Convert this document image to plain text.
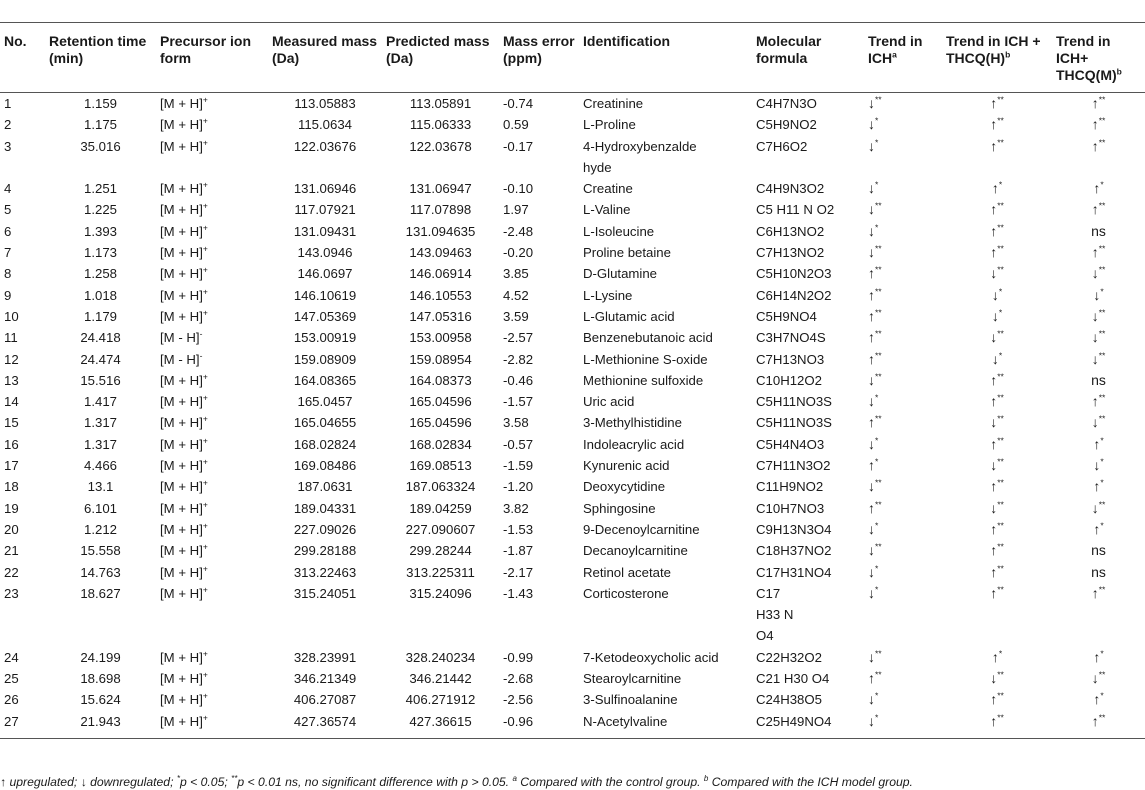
No.	Retention time (min)	Precursor ion form	Measured mass (Da)	Predicted mass (Da)	Mass error (ppm)	Identification	Molecular formula	Trend in ICH$^a$	Trend in ICH + $THCQ(H)^b$	Trend in $ICH+ THCQ(M)^b$
1	1.159	[M + H]+	113.05883	113.05891	-0.74	Creatinine	C4H7N3O	↓**	↑**	↑**
2	1.175	[M + H]+	115.0634	115.06333	0.59	L-Proline	C5H9NO2	↓*	↑**	↑**
3	35.016	[M + H]+	122.03676	122.03678	-0.17	4-Hydroxybenzaldehyde	C7H6O2	↓*	↑**	↑**
4	1.251	[M + H]+	131.06946	131.06947	-0.10	Creatine	C4H9N3O2	↓*	↑*	↑*
5	1.225	[M + H]+	117.07921	117.07898	1.97	L-Valine	C5 H11 N O2	↓**	↑**	↑**
6	1.393	[M + H]+	131.09431	131.094635	-2.48	L-Isoleucine	C6H13NO2	↓*	↑**	ns
7	1.173	[M + H]+	143.0946	143.09463	-0.20	Proline betaine	C7H13NO2	↓**	↑**	↑**
8	1.258	[M + H]+	146.0697	146.06914	3.85	D-Glutamine	C5H10N2O3	↑**	↓**	↓**
9	1.018	[M + H]+	146.10619	146.10553	4.52	L-Lysine	C6H14N2O2	↑**	↓*	↓*
10	1.179	[M + H]+	147.05369	147.05316	3.59	L-Glutamic acid	C5H9NO4	↑**	↓*	↓**
11	24.418	[M - H]-	153.00919	153.00958	-2.57	Benzenebutanoic acid	C3H7NO4S	↑**	↓**	↓**
12	24.474	[M - H]-	159.08909	159.08954	-2.82	L-Methionine S-oxide	C7H13NO3	↑**	↓*	↓**
13	15.516	[M + H]+	164.08365	164.08373	-0.46	Methionine sulfoxide	C10H12O2	↓**	↑**	ns
14	1.417	[M + H]+	165.0457	165.04596	-1.57	Uric acid	C5H11NO3S	↓*	↑**	↑**
15	1.317	[M + H]+	165.04655	165.04596	3.58	3-Methylhistidine	C5H11NO3S	↑**	↓**	↓**
16	1.317	[M + H]+	168.02824	168.02834	-0.57	Indoleacrylic acid	C5H4N4O3	↓*	↑**	↑*
17	4.466	[M + H]+	169.08486	169.08513	-1.59	Kynurenic acid	C7H11N3O2	↑*	↓**	↓*
18	13.1	[M + H]+	187.0631	187.063324	-1.20	Deoxycytidine	C11H9NO2	↓**	↑**	↑*
19	6.101	[M + H]+	189.04331	189.04259	3.82	Sphingosine	C10H7NO3	↑**	↓**	↓**
20	1.212	[M + H]+	227.09026	227.090607	-1.53	9-Decenoylcarnitine	C9H13N3O4	↓*	↑**	↑*
21	15.558	[M + H]+	299.28188	299.28244	-1.87	Decanoylcarnitine	C18H37NO2	↓**	↑**	ns
22	14.763	[M + H]+	313.22463	313.225311	-2.17	Retinol acetate	C17H31NO4	↓*	↑**	ns
23	18.627	[M + H]+	315.24051	315.24096	-1.43	Corticosterone	C17 H33 N O4	↓*	↑**	↑**
24	24.199	[M + H]+	328.23991	328.240234	-0.99	7-Ketodeoxycholic acid	C22H32O2	↓**	↑*	↑*
25	18.698	[M + H]+	346.21349	346.21442	-2.68	Stearoylcarnitine	C21 H30 O4	↑**	↓**	↓**
26	15.624	[M + H]+	406.27087	406.271912	-2.56	3-Sulfinoalanine	C24H38O5	↓*	↑**	↑*
27	21.943	[M + H]+	427.36574	427.36615	-0.96	N-Acetylvaline	C25H49NO4	↓*	↑**	↑**
↑ upregulated; ↓ downregulated; *p < 0.05; **p < 0.01 ns, no significant difference with p > 0.05. $^a$ Compared with the control group. $^b$ Compared with the ICH model group.
